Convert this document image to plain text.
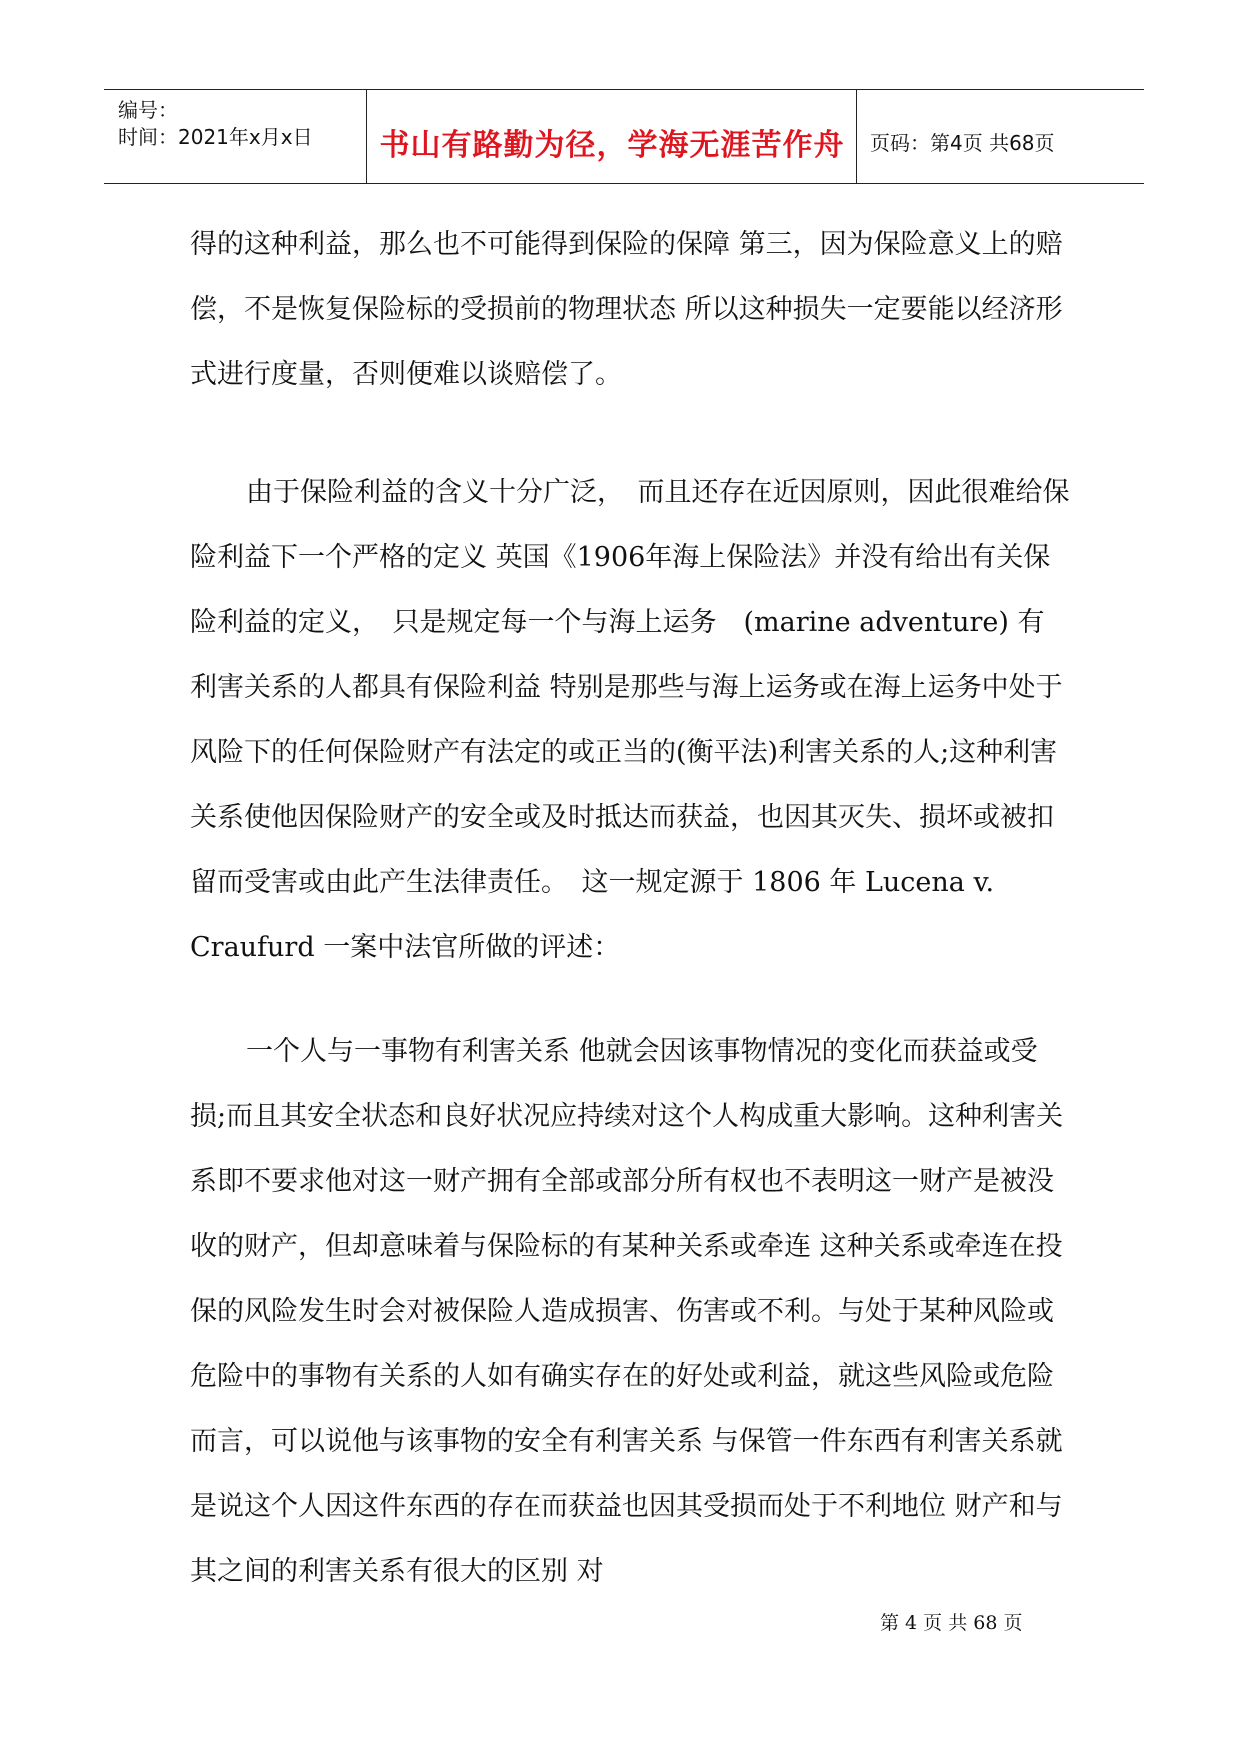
编号：
时间：2021年x月x日	书山有路勤为径，学海无涯苦作舟	页码：第4页 共68页

得的这种利益，那么也不可能得到保险的保障 第三，因为保险意义上的赔偿，不是恢复保险标的受损前的物理状态 所以这种损失一定要能以经济形式进行度量，否则便难以谈赔偿了。

由于保险利益的含义十分广泛，　而且还存在近因原则，因此很难给保险利益下一个严格的定义 英国《1906年海上保险法》并没有给出有关保险利益的定义，　只是规定每一个与海上运务　(marine adventure) 有利害关系的人都具有保险利益 特别是那些与海上运务或在海上运务中处于风险下的任何保险财产有法定的或正当的(衡平法)利害关系的人;这种利害关系使他因保险财产的安全或及时抵达而获益，也因其灭失、损坏或被扣留而受害或由此产生法律责任。　这一规定源于 1806 年 Lucena v. Craufurd 一案中法官所做的评述：

一个人与一事物有利害关系 他就会因该事物情况的变化而获益或受损;而且其安全状态和良好状况应持续对这个人构成重大影响。这种利害关系即不要求他对这一财产拥有全部或部分所有权也不表明这一财产是被没收的财产，但却意味着与保险标的有某种关系或牵连 这种关系或牵连在投保的风险发生时会对被保险人造成损害、伤害或不利。与处于某种风险或危险中的事物有关系的人如有确实存在的好处或利益，就这些风险或危险而言，可以说他与该事物的安全有利害关系 与保管一件东西有利害关系就是说这个人因这件东西的存在而获益也因其受损而处于不利地位 财产和与其之间的利害关系有很大的区别 对

第 4 页 共 68 页
